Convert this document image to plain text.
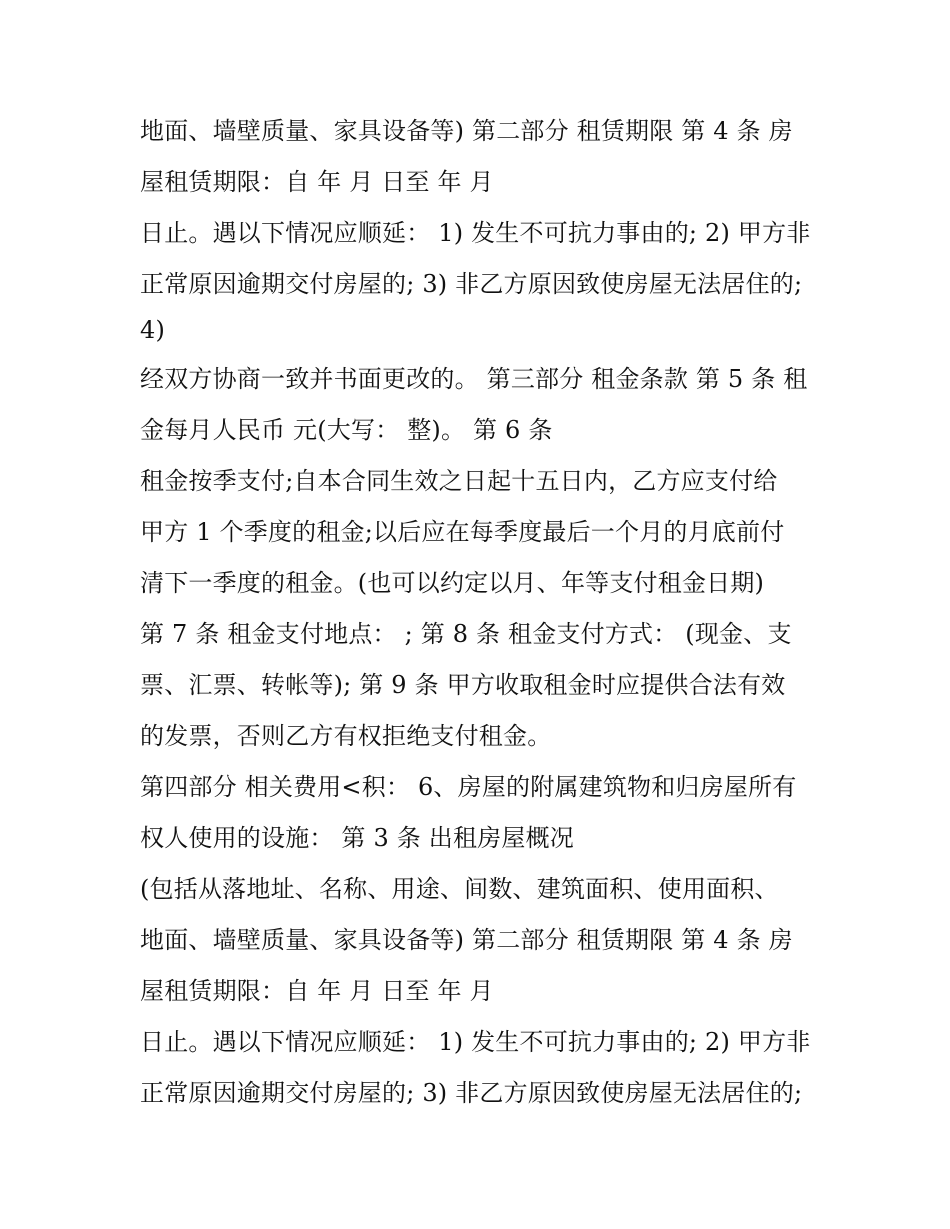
地面、墙壁质量、家具设备等) 第二部分 租赁期限 第 4 条 房
屋租赁期限：自 年 月 日至 年 月
日止。遇以下情况应顺延： 1) 发生不可抗力事由的; 2) 甲方非
正常原因逾期交付房屋的; 3) 非乙方原因致使房屋无法居住的;
4)
经双方协商一致并书面更改的。 第三部分 租金条款 第 5 条 租
金每月人民币 元(大写： 整)。 第 6 条
租金按季支付;自本合同生效之日起十五日内，乙方应支付给
甲方 1 个季度的租金;以后应在每季度最后一个月的月底前付
清下一季度的租金。(也可以约定以月、年等支付租金日期)
第 7 条 租金支付地点： ; 第 8 条 租金支付方式： (现金、支
票、汇票、转帐等); 第 9 条 甲方收取租金时应提供合法有效
的发票，否则乙方有权拒绝支付租金。
第四部分 相关费用<积： 6、房屋的附属建筑物和归房屋所有
权人使用的设施： 第 3 条 出租房屋概况
(包括从落地址、名称、用途、间数、建筑面积、使用面积、
地面、墙壁质量、家具设备等) 第二部分 租赁期限 第 4 条 房
屋租赁期限：自 年 月 日至 年 月
日止。遇以下情况应顺延： 1) 发生不可抗力事由的; 2) 甲方非
正常原因逾期交付房屋的; 3) 非乙方原因致使房屋无法居住的;
